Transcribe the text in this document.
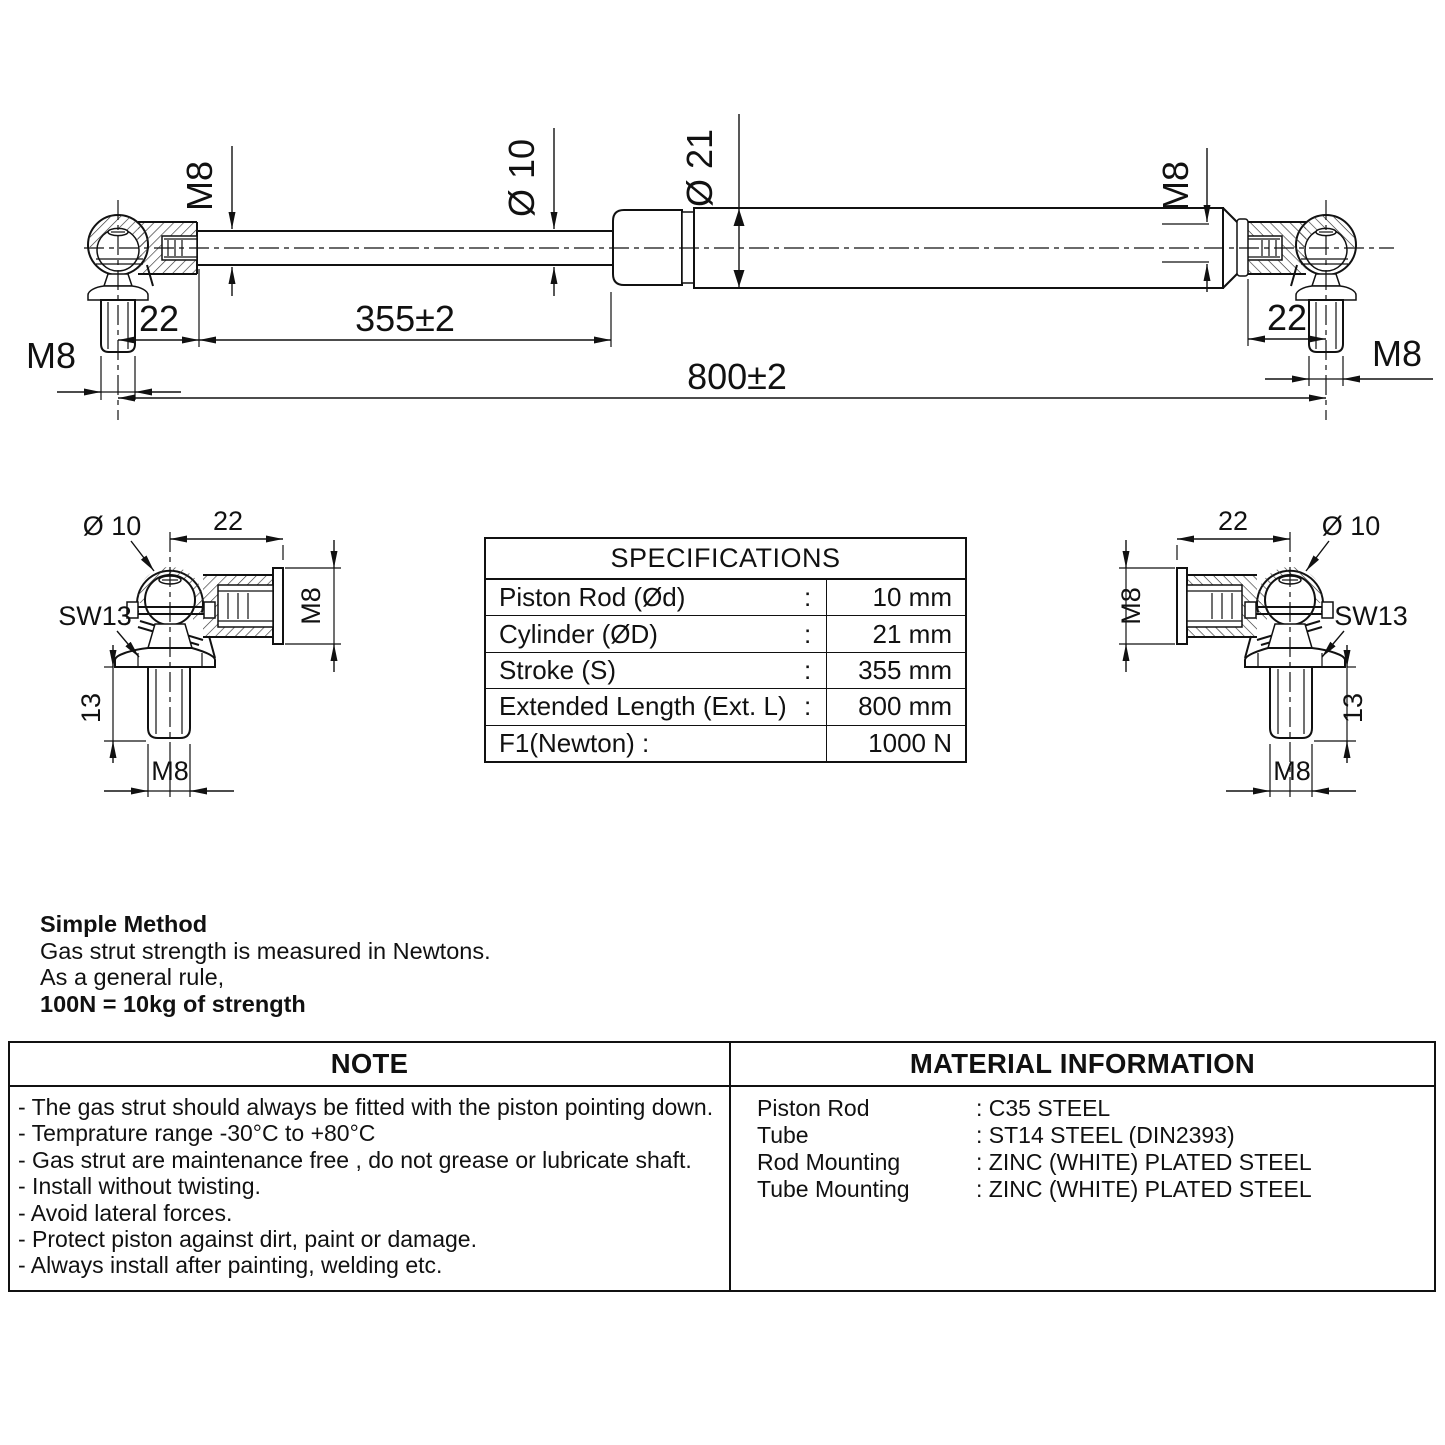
M8	Ø 10	Ø 21	M8
22	355±2	22
800±2
M8	M8
22
Ø 10
M8
SW13
13
M8
22	Ø 10
M8	SW13
13
M8
SPECIFICATIONS
Piston Rod (Ød)	:	10 mm
Cylinder (ØD)	:	21 mm
Stroke (S)	:	355 mm
Extended Length (Ext. L) :	800 mm
F1(Newton) :	1000 N
Simple Method
Gas strut strength is measured in Newtons.
As a general rule,
100N = 10kg of strength
NOTE	MATERIAL INFORMATION
- The gas strut should always be fitted with the piston pointing down.
- Temprature range -30°C to +80°C
- Gas strut are maintenance free , do not grease or lubricate shaft.
- Install without twisting.
- Avoid lateral forces.
- Protect piston against dirt, paint or damage.
- Always install after painting, welding etc.
Piston Rod	: C35 STEEL
Tube	: ST14 STEEL (DIN2393)
Rod Mounting	: ZINC (WHITE) PLATED STEEL
Tube Mounting	: ZINC (WHITE) PLATED STEEL
